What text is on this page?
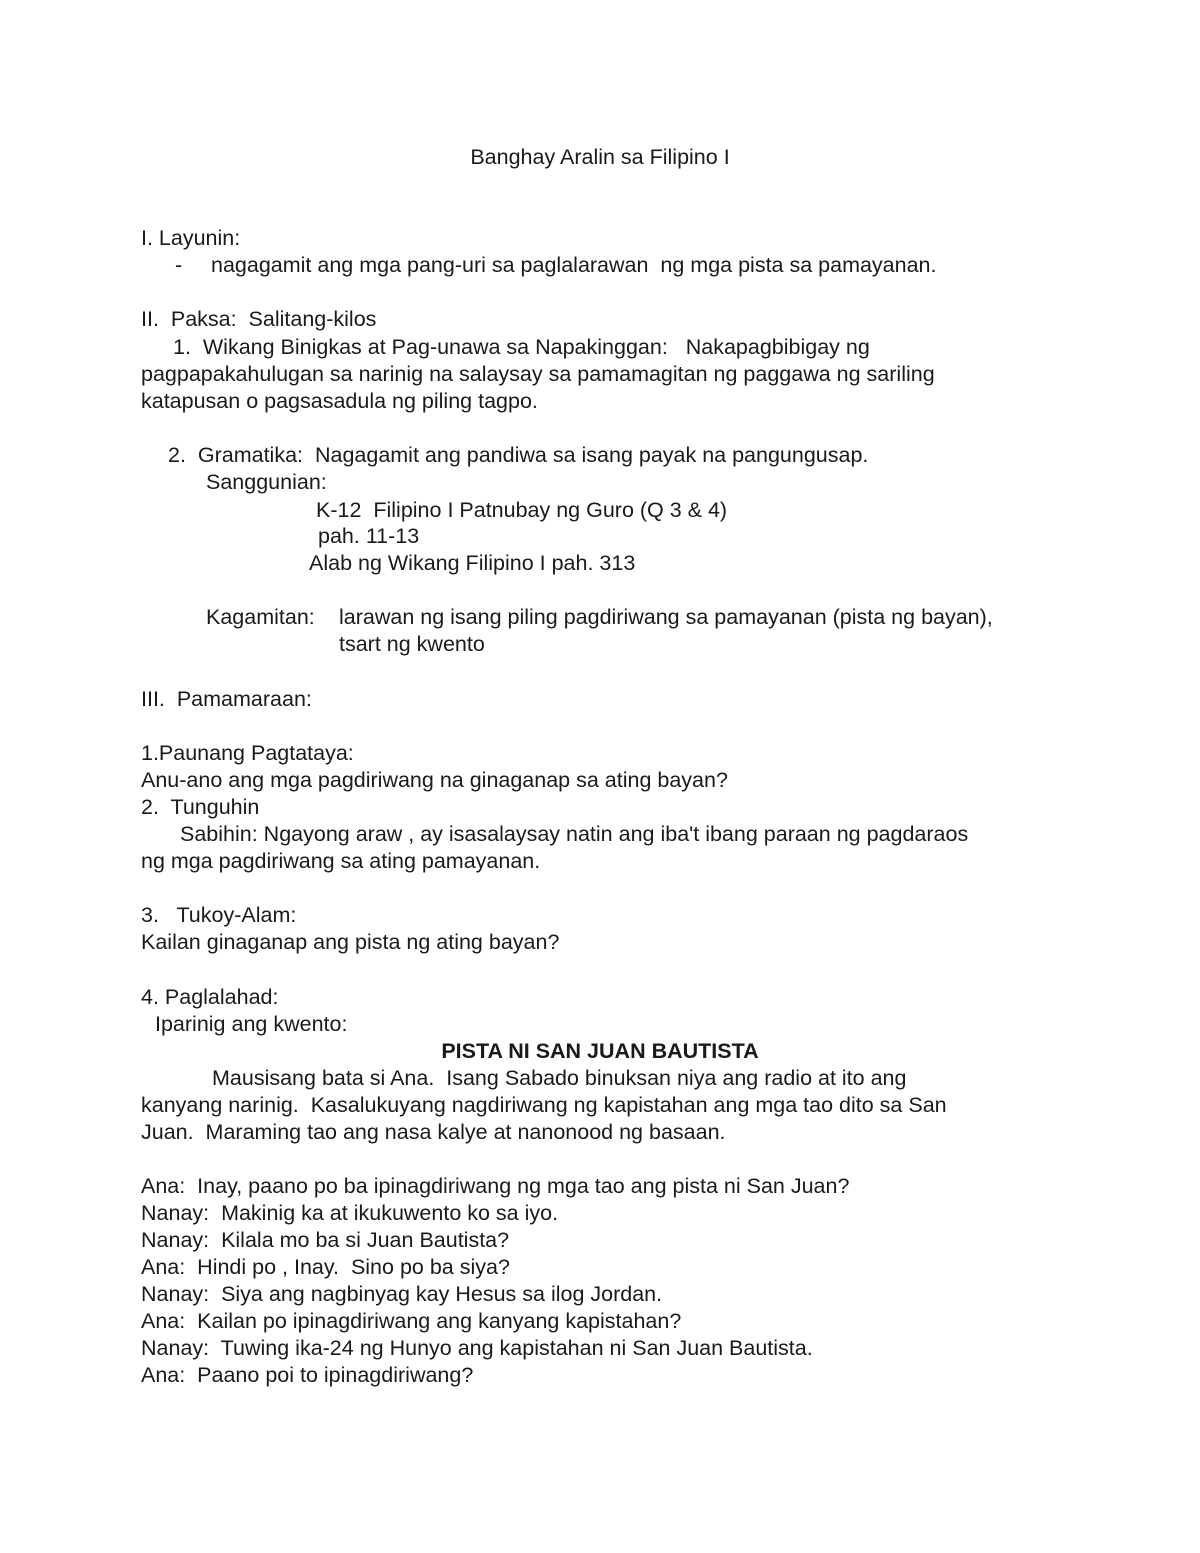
Banghay Aralin sa Filipino I
I. Layunin:
- nagagamit ang mga pang-uri sa paglalarawan  ng mga pista sa pamayanan.
II.  Paksa:  Salitang-kilos
1.  Wikang Binigkas at Pag-unawa sa Napakinggan:   Nakapagbibigay ng
pagpapakahulugan sa narinig na salaysay sa pamamagitan ng paggawa ng sariling
katapusan o pagsasadula ng piling tagpo.
2.  Gramatika:  Nagagamit ang pandiwa sa isang payak na pangungusap.
Sanggunian:
K-12  Filipino I Patnubay ng Guro (Q 3 & 4)
pah. 11-13
Alab ng Wikang Filipino I pah. 313
Kagamitan: larawan ng isang piling pagdiriwang sa pamayanan (pista ng bayan),
tsart ng kwento
III.  Pamamaraan:
1.Paunang Pagtataya:
Anu-ano ang mga pagdiriwang na ginaganap sa ating bayan?
2.  Tunguhin
Sabihin: Ngayong araw , ay isasalaysay natin ang iba't ibang paraan ng pagdaraos
ng mga pagdiriwang sa ating pamayanan.
3.   Tukoy-Alam:
Kailan ginaganap ang pista ng ating bayan?
4. Paglalahad:
Iparinig ang kwento:
PISTA NI SAN JUAN BAUTISTA
Mausisang bata si Ana.  Isang Sabado binuksan niya ang radio at ito ang
kanyang narinig.  Kasalukuyang nagdiriwang ng kapistahan ang mga tao dito sa San
Juan.  Maraming tao ang nasa kalye at nanonood ng basaan.
Ana:  Inay, paano po ba ipinagdiriwang ng mga tao ang pista ni San Juan?
Nanay:  Makinig ka at ikukuwento ko sa iyo.
Nanay:  Kilala mo ba si Juan Bautista?
Ana:  Hindi po , Inay.  Sino po ba siya?
Nanay:  Siya ang nagbinyag kay Hesus sa ilog Jordan.
Ana:  Kailan po ipinagdiriwang ang kanyang kapistahan?
Nanay:  Tuwing ika-24 ng Hunyo ang kapistahan ni San Juan Bautista.
Ana:  Paano poi to ipinagdiriwang?
